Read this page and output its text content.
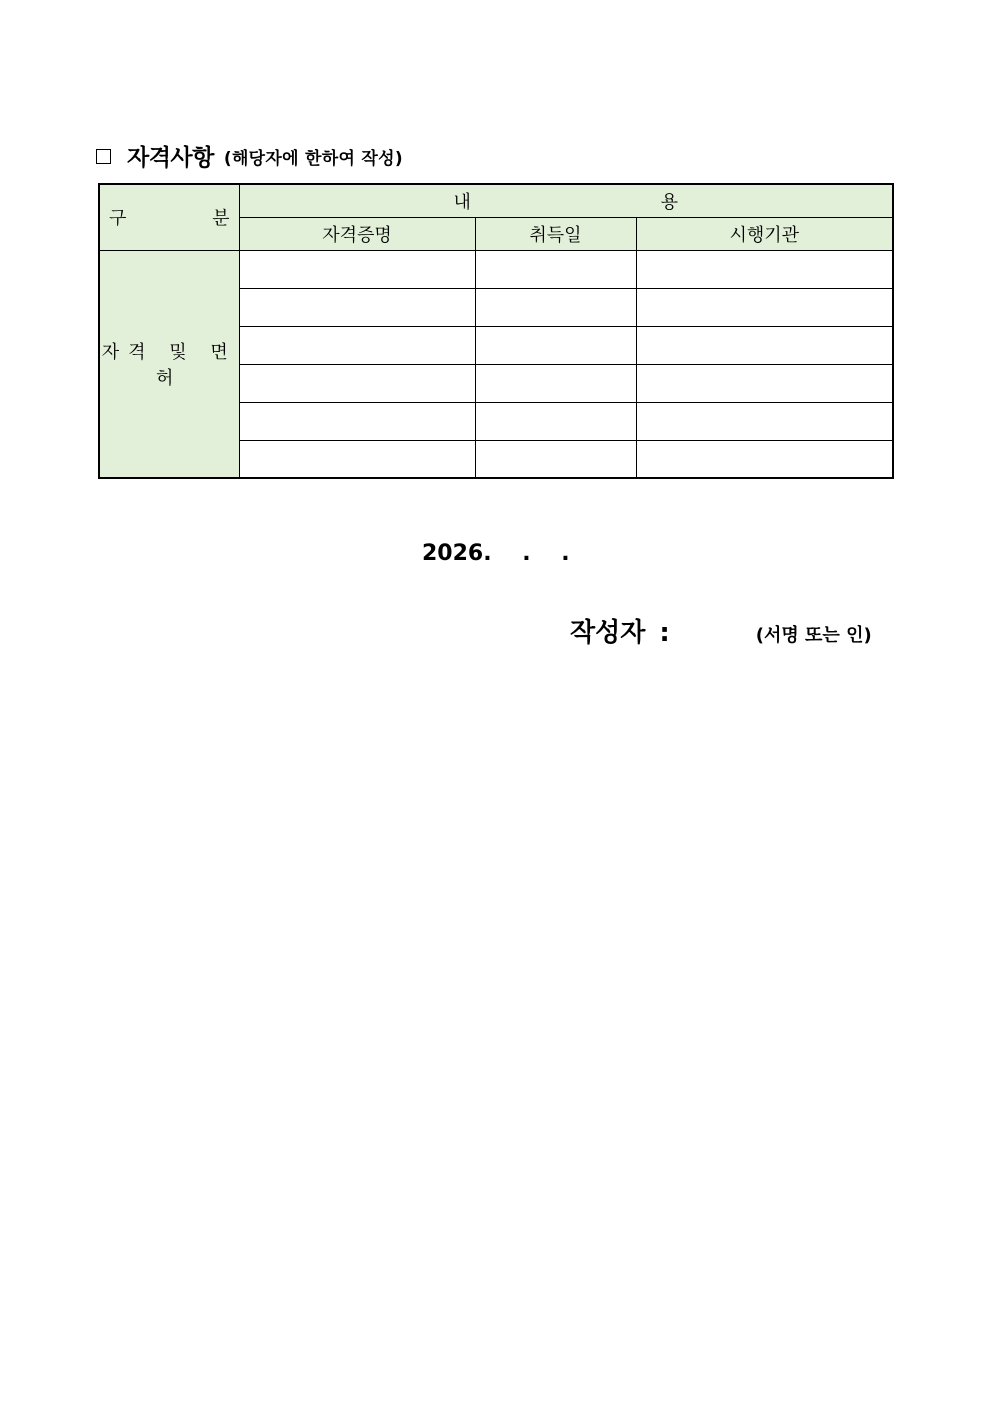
자격사항 (해당자에 한하여 작성)
구 분	내 용		
	자격증명	취득일	시행기관
자격 및 면허			

2026.    .    .
작성자 :	(서명 또는 인)
